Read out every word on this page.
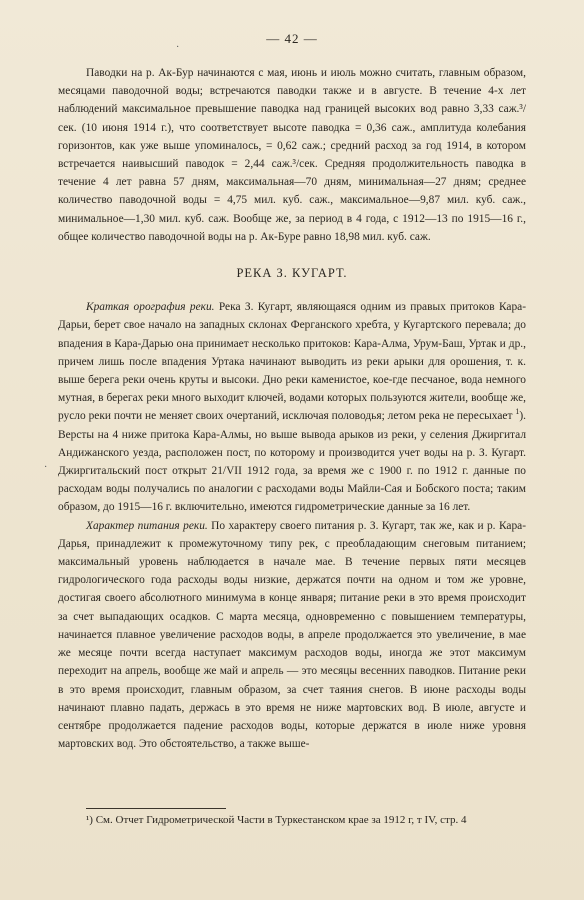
— 42 —
·
·

Паводки на р. Ак-Бур начинаются с мая, июнь и июль можно считать, главным образом, месяцами паводочной воды; встречаются паводки также и в августе. В течение 4-х лет наблюдений максимальное превышение паводка над границей высоких вод равно 3,33 саж.³/сек. (10 июня 1914 г.), что соответствует высоте паводка = 0,36 саж., амплитуда колебания горизонтов, как уже выше упоминалось, = 0,62 саж.; средний расход за год 1914, в котором встречается наивысший паводок = 2,44 саж.³/сек. Средняя продолжительность паводка в течение 4 лет равна 57 дням, максимальная—70 дням, минимальная—27 дням; среднее количество паводочной воды = 4,75 мил. куб. саж., максимальное—9,87 мил. куб. саж., минимальное—1,30 мил. куб. саж. Вообще же, за период в 4 года, с 1912—13 по 1915—16 г., общее количество паводочной воды на р. Ак-Буре равно 18,98 мил. куб. саж.

РЕКА З. КУГАРТ.

Краткая орография реки. Река З. Кугарт, являющаяся одним из правых притоков Кара-Дарьи, берет свое начало на западных склонах Ферганского хребта, у Кугартского перевала; до впадения в Кара-Дарью она принимает несколько притоков: Кара-Алма, Урум-Баш, Уртак и др., причем лишь после впадения Уртака начинают выводить из реки арыки для орошения, т. к. выше берега реки очень круты и высоки. Дно реки каменистое, кое-где песчаное, вода немного мутная, в берегах реки много выходит ключей, водами которых пользуются жители, вообще же, русло реки почти не меняет своих очертаний, исключая половодья; летом река не пересыхает $^1$). Версты на 4 ниже притока Кара-Алмы, но выше вывода арыков из реки, у селения Джиргитал Андижанского уезда, расположен пост, по которому и производится учет воды на р. З. Кугарт. Джиргитальский пост открыт 21/VII 1912 года, за время же с 1900 г. по 1912 г. данные по расходам воды получались по аналогии с расходами воды Майли-Сая и Бобского поста; таким образом, до 1915—16 г. включительно, имеются гидрометрические данные за 16 лет.

Характер питания реки. По характеру своего питания р. З. Кугарт, так же, как и р. Кара-Дарья, принадлежит к промежуточному типу рек, с преобладающим снеговым питанием; максимальный уровень наблюдается в начале мае. В течение первых пяти месяцев гидрологического года расходы воды низкие, держатся почти на одном и том же уровне, достигая своего абсолютного минимума в конце января; питание реки в это время происходит за счет выпадающих осадков. С марта месяца, одновременно с повышением температуры, начинается плавное увеличение расходов воды, в апреле продолжается это увеличение, в мае же месяце почти всегда наступает максимум расходов воды, иногда же этот максимум переходит на апрель, вообще же май и апрель — это месяцы весенних паводков. Питание реки в это время происходит, главным образом, за счет таяния снегов. В июне расходы воды начинают плавно падать, держась в это время не ниже мартовских вод. В июле, августе и сентябре продолжается падение расходов воды, которые держатся в июле ниже уровня мартовских вод. Это обстоятельство, а также выше-

¹) См. Отчет Гидрометрической Части в Туркестанском крае за 1912 г, т IV, стр. 4
